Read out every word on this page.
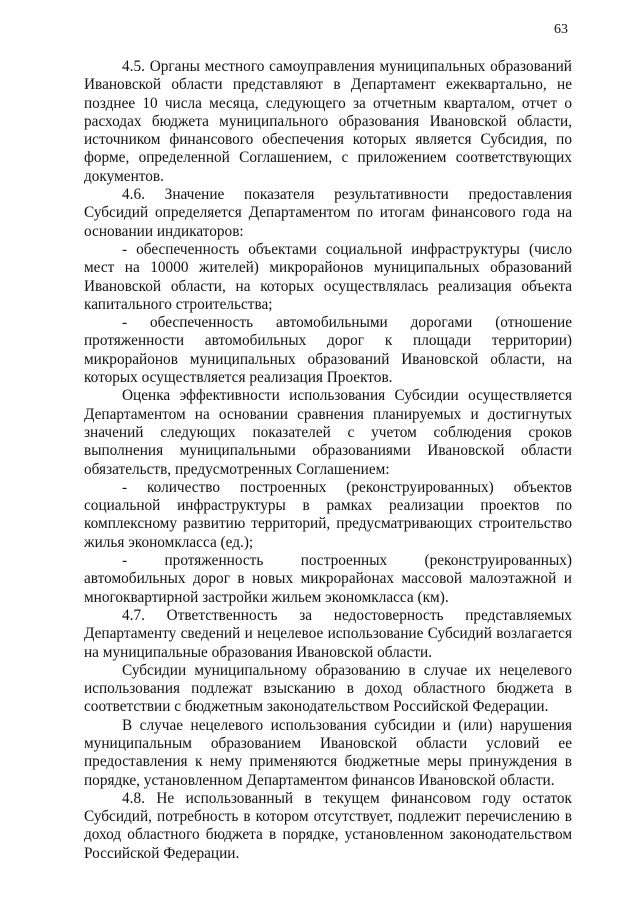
63

4.5. Органы местного самоуправления муниципальных образований Ивановской области представляют в Департамент ежеквартально, не позднее 10 числа месяца, следующего за отчетным кварталом, отчет о расходах бюджета муниципального образования Ивановской области, источником финансового обеспечения которых является Субсидия, по форме, определенной Соглашением, с приложением соответствующих документов.

4.6. Значение показателя результативности предоставления Субсидий определяется Департаментом по итогам финансового года на основании индикаторов:

- обеспеченность объектами социальной инфраструктуры (число мест на 10000 жителей) микрорайонов муниципальных образований Ивановской области, на которых осуществлялась реализация объекта капитального строительства;

- обеспеченность автомобильными дорогами (отношение протяженности автомобильных дорог к площади территории) микрорайонов муниципальных образований Ивановской области, на которых осуществляется реализация Проектов.

Оценка эффективности использования Субсидии осуществляется Департаментом на основании сравнения планируемых и достигнутых значений следующих показателей с учетом соблюдения сроков выполнения муниципальными образованиями Ивановской области обязательств, предусмотренных Соглашением:

- количество построенных (реконструированных) объектов социальной инфраструктуры в рамках реализации проектов по комплексному развитию территорий, предусматривающих строительство жилья экономкласса (ед.);

- протяженность построенных (реконструированных) автомобильных дорог в новых микрорайонах массовой малоэтажной и многоквартирной застройки жильем экономкласса (км).

4.7. Ответственность за недостоверность представляемых Департаменту сведений и нецелевое использование Субсидий возлагается на муниципальные образования Ивановской области.

Субсидии муниципальному образованию в случае их нецелевого использования подлежат взысканию в доход областного бюджета в соответствии с бюджетным законодательством Российской Федерации.

В случае нецелевого использования субсидии и (или) нарушения муниципальным образованием Ивановской области условий ее предоставления к нему применяются бюджетные меры принуждения в порядке, установленном Департаментом финансов Ивановской области.

4.8. Не использованный в текущем финансовом году остаток Субсидий, потребность в котором отсутствует, подлежит перечислению в доход областного бюджета в порядке, установленном законодательством Российской Федерации.
